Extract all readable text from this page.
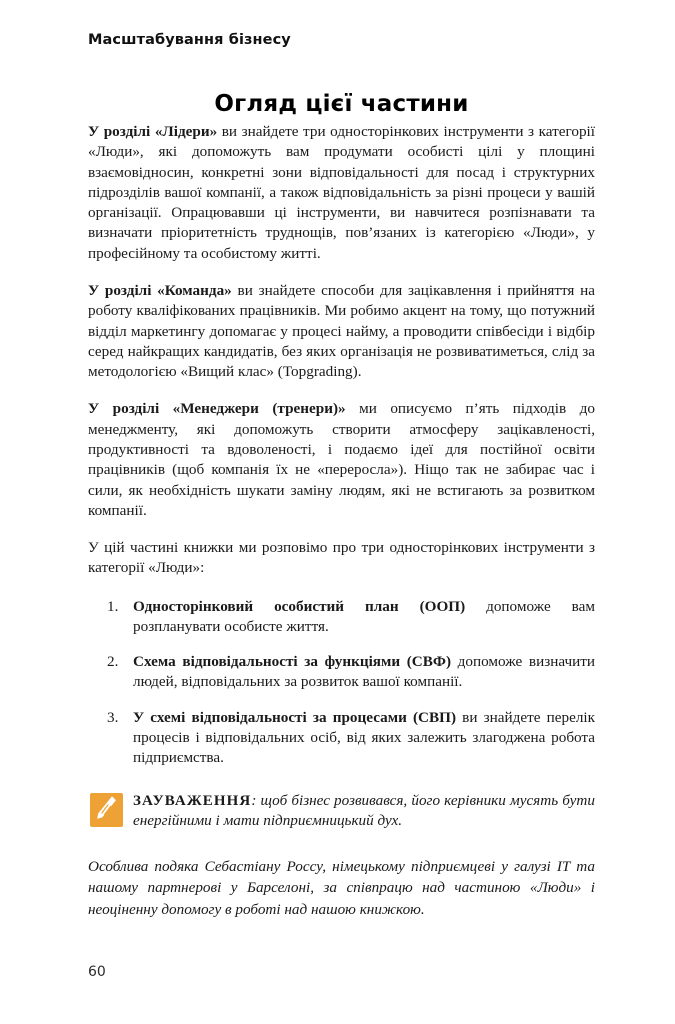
Масштабування бізнесу
Огляд цієї частини

У розділі «Лідери» ви знайдете три односторінкових інструменти з категорії «Люди», які допоможуть вам продумати особисті цілі у площині взаємовідносин, конкретні зони відповідальності для посад і структурних підрозділів вашої компанії, а також відповідальність за різні процеси у вашій організації. Опрацювавши ці інструменти, ви навчитеся розпізнавати та визначати пріоритетність труднощів, пов’язаних із категорією «Люди», у професійному та особистому житті.

У розділі «Команда» ви знайдете способи для зацікавлення і прийняття на роботу кваліфікованих працівників. Ми робимо акцент на тому, що потужний відділ маркетингу допомагає у процесі найму, а проводити співбесіди і відбір серед найкращих кандидатів, без яких організація не розвиватиметься, слід за методологією «Вищий клас» (Topgrading).

У розділі «Менеджери (тренери)» ми описуємо п’ять підходів до менеджменту, які допоможуть створити атмосферу зацікавленості, продуктивності та вдоволеності, і подаємо ідеї для постійної освіти працівників (щоб компанія їх не «переросла»). Ніщо так не забирає час і сили, як необхідність шукати заміну людям, які не встигають за розвитком компанії.

У цій частині книжки ми розповімо про три односторінкових інструменти з категорії «Люди»:

1. Односторінковий особистий план (ООП) допоможе вам розпланувати особисте життя.
2. Схема відповідальності за функціями (СВФ) допоможе визначити людей, відповідальних за розвиток вашої компанії.
3. У схемі відповідальності за процесами (СВП) ви знайдете перелік процесів і відповідальних осіб, від яких залежить злагоджена робота підприємства.
ЗАУВАЖЕННЯ: щоб бізнес розвивався, його керівники мусять бути енергійними і мати підприємницький дух.

Особлива подяка Себастіану Россу, німецькому підприємцеві у галузі IT та нашому партнерові у Барселоні, за співпрацю над частиною «Люди» і неоціненну допомогу в роботі над нашою книжкою.

60
